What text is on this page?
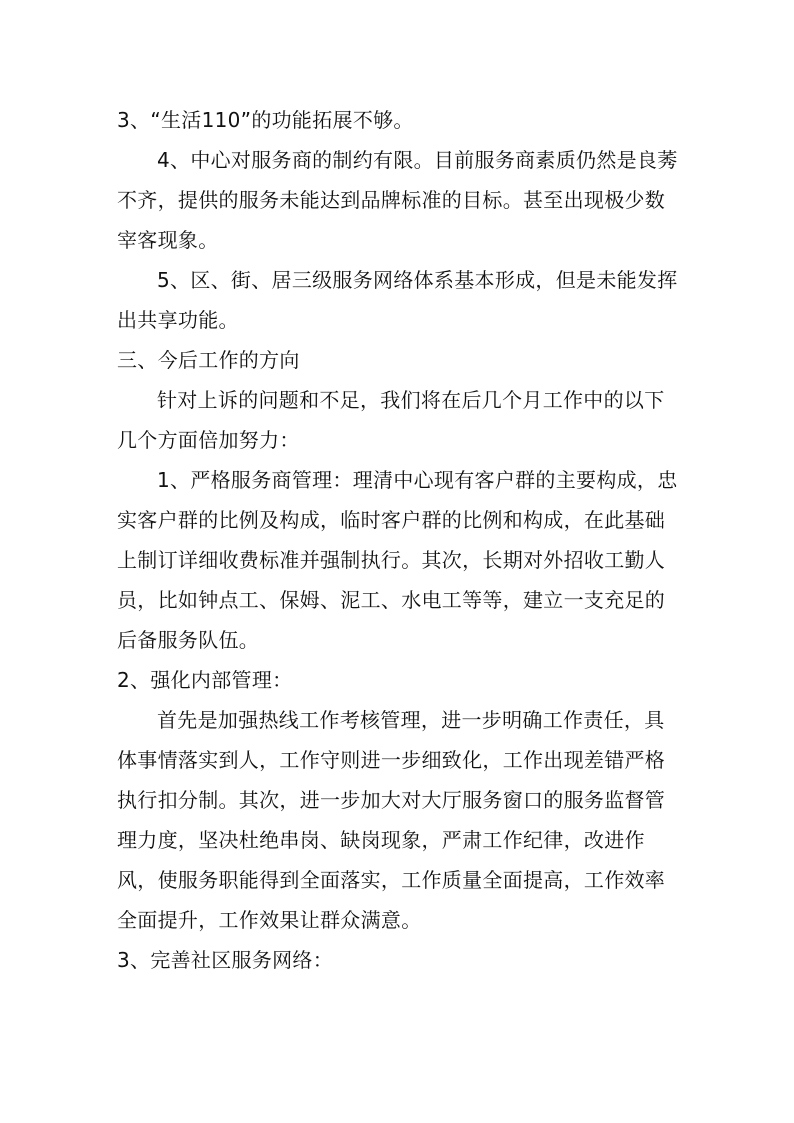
3、“生活110”的功能拓展不够。

4、中心对服务商的制约有限。目前服务商素质仍然是良莠不齐，提供的服务未能达到品牌标准的目标。甚至出现极少数宰客现象。

5、区、街、居三级服务网络体系基本形成，但是未能发挥出共享功能。

三、今后工作的方向

针对上诉的问题和不足，我们将在后几个月工作中的以下几个方面倍加努力：

1、严格服务商管理：理清中心现有客户群的主要构成，忠实客户群的比例及构成，临时客户群的比例和构成，在此基础上制订详细收费标准并强制执行。其次，长期对外招收工勤人员，比如钟点工、保姆、泥工、水电工等等，建立一支充足的后备服务队伍。

2、强化内部管理：

首先是加强热线工作考核管理，进一步明确工作责任，具体事情落实到人，工作守则进一步细致化，工作出现差错严格执行扣分制。其次，进一步加大对大厅服务窗口的服务监督管理力度，坚决杜绝串岗、缺岗现象，严肃工作纪律，改进作风，使服务职能得到全面落实，工作质量全面提高，工作效率全面提升，工作效果让群众满意。

3、完善社区服务网络：
